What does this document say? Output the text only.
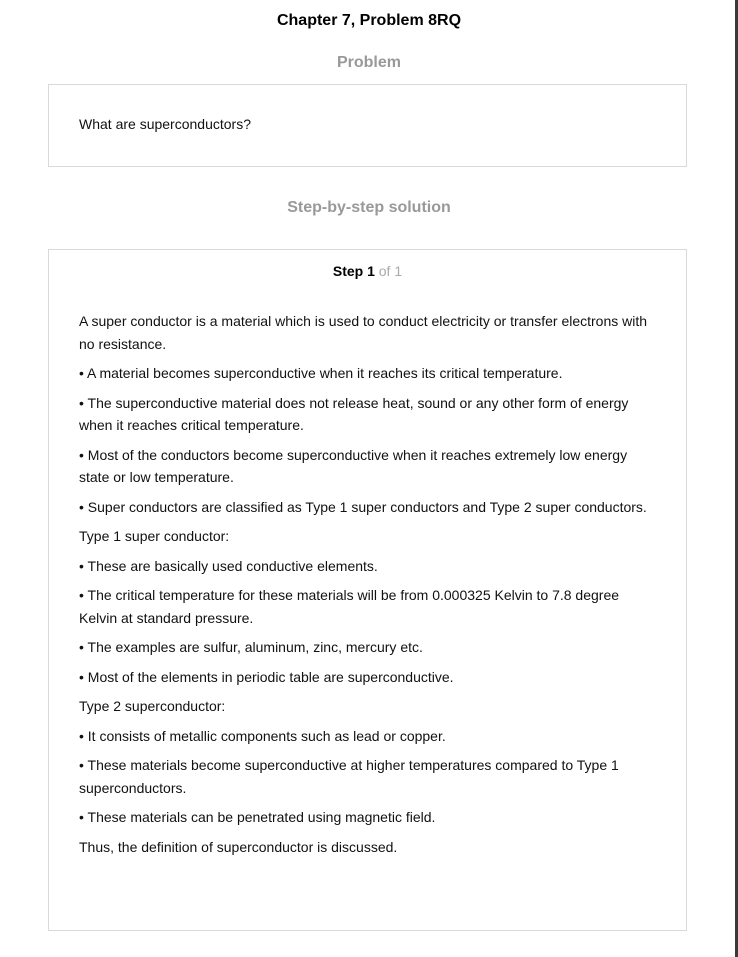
Chapter 7, Problem 8RQ
Problem
What are superconductors?
Step-by-step solution
Step 1 of 1

A super conductor is a material which is used to conduct electricity or transfer electrons with no resistance.

• A material becomes superconductive when it reaches its critical temperature.

• The superconductive material does not release heat, sound or any other form of energy when it reaches critical temperature.

• Most of the conductors become superconductive when it reaches extremely low energy state or low temperature.

• Super conductors are classified as Type 1 super conductors and Type 2 super conductors.

Type 1 super conductor:

• These are basically used conductive elements.

• The critical temperature for these materials will be from 0.000325 Kelvin to 7.8 degree Kelvin at standard pressure.

• The examples are sulfur, aluminum, zinc, mercury etc.

• Most of the elements in periodic table are superconductive.

Type 2 superconductor:

• It consists of metallic components such as lead or copper.

• These materials become superconductive at higher temperatures compared to Type 1 superconductors.

• These materials can be penetrated using magnetic field.

Thus, the definition of superconductor is discussed.
